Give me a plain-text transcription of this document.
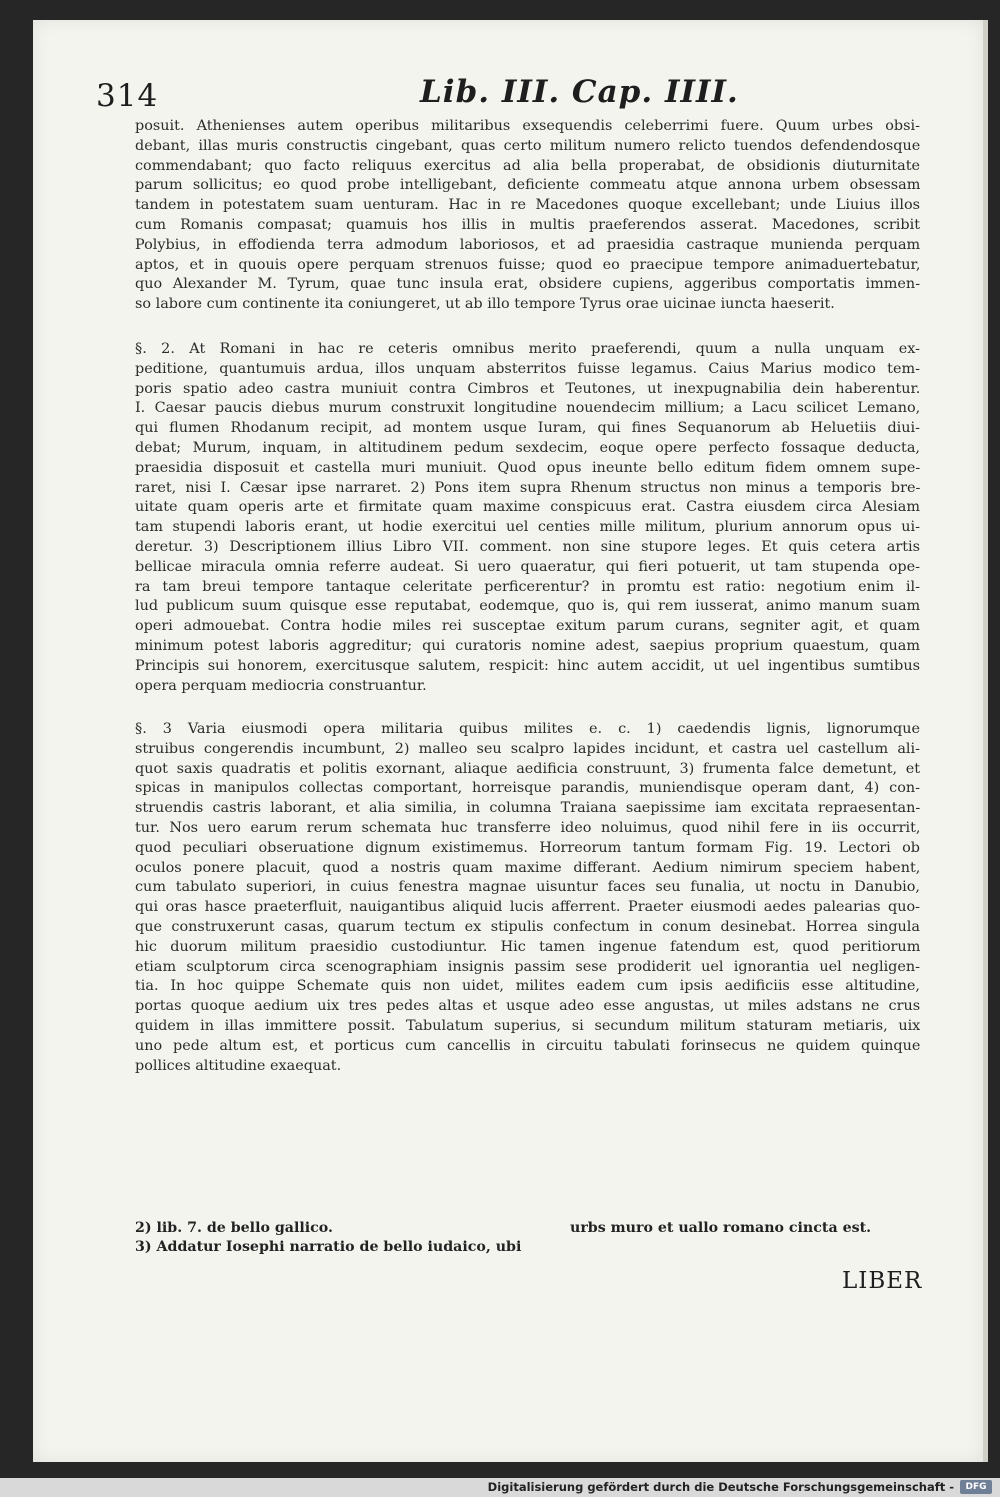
314	Lib. III. Cap. IIII.
posuit. Athenienses autem operibus militaribus exsequendis celeberrimi fuere. Quum urbes obsi-
debant, illas muris constructis cingebant, quas certo militum numero relicto tuendos defendendosque
commendabant; quo facto reliquus exercitus ad alia bella properabat, de obsidionis diuturnitate
parum sollicitus; eo quod probe intelligebant, deficiente commeatu atque annona urbem obsessam
tandem in potestatem suam uenturam. Hac in re Macedones quoque excellebant; unde Liuius illos
cum Romanis compasat; quamuis hos illis in multis praeferendos asserat. Macedones, scribit
Polybius, in effodienda terra admodum laboriosos, et ad praesidia castraque munienda perquam
aptos, et in quouis opere perquam strenuos fuisse; quod eo praecipue tempore animaduertebatur,
quo Alexander M. Tyrum, quae tunc insula erat, obsidere cupiens, aggeribus comportatis immen-
so labore cum continente ita coniungeret, ut ab illo tempore Tyrus orae uicinae iuncta haeserit.
§. 2. At Romani in hac re ceteris omnibus merito praeferendi, quum a nulla unquam ex-
peditione, quantumuis ardua, illos unquam absterritos fuisse legamus. Caius Marius modico tem-
poris spatio adeo castra muniuit contra Cimbros et Teutones, ut inexpugnabilia dein haberentur.
I. Caesar paucis diebus murum construxit longitudine nouendecim millium; a Lacu scilicet Lemano,
qui flumen Rhodanum recipit, ad montem usque Iuram, qui fines Sequanorum ab Heluetiis diui-
debat; Murum, inquam, in altitudinem pedum sexdecim, eoque opere perfecto fossaque deducta,
praesidia disposuit et castella muri muniuit. Quod opus ineunte bello editum fidem omnem supe-
raret, nisi I. Cæsar ipse narraret. 2) Pons item supra Rhenum structus non minus a temporis bre-
uitate quam operis arte et firmitate quam maxime conspicuus erat. Castra eiusdem circa Alesiam
tam stupendi laboris erant, ut hodie exercitui uel centies mille militum, plurium annorum opus ui-
deretur. 3) Descriptionem illius Libro VII. comment. non sine stupore leges. Et quis cetera artis
bellicae miracula omnia referre audeat. Si uero quaeratur, qui fieri potuerit, ut tam stupenda ope-
ra tam breui tempore tantaque celeritate perficerentur? in promtu est ratio: negotium enim il-
lud publicum suum quisque esse reputabat, eodemque, quo is, qui rem iusserat, animo manum suam
operi admouebat. Contra hodie miles rei susceptae exitum parum curans, segniter agit, et quam
minimum potest laboris aggreditur; qui curatoris nomine adest, saepius proprium quaestum, quam
Principis sui honorem, exercitusque salutem, respicit: hinc autem accidit, ut uel ingentibus sumtibus
opera perquam mediocria construantur.
§. 3 Varia eiusmodi opera militaria quibus milites e. c. 1) caedendis lignis, lignorumque
struibus congerendis incumbunt, 2) malleo seu scalpro lapides incidunt, et castra uel castellum ali-
quot saxis quadratis et politis exornant, aliaque aedificia construunt, 3) frumenta falce demetunt, et
spicas in manipulos collectas comportant, horreisque parandis, muniendisque operam dant, 4) con-
struendis castris laborant, et alia similia, in columna Traiana saepissime iam excitata repraesentan-
tur. Nos uero earum rerum schemata huc transferre ideo noluimus, quod nihil fere in iis occurrit,
quod peculiari obseruatione dignum existimemus. Horreorum tantum formam Fig. 19. Lectori ob
oculos ponere placuit, quod a nostris quam maxime differant. Aedium nimirum speciem habent,
cum tabulato superiori, in cuius fenestra magnae uisuntur faces seu funalia, ut noctu in Danubio,
qui oras hasce praeterfluit, nauigantibus aliquid lucis afferrent. Praeter eiusmodi aedes palearias quo-
que construxerunt casas, quarum tectum ex stipulis confectum in conum desinebat. Horrea singula
hic duorum militum praesidio custodiuntur. Hic tamen ingenue fatendum est, quod peritiorum
etiam sculptorum circa scenographiam insignis passim sese prodiderit uel ignorantia uel negligen-
tia. In hoc quippe Schemate quis non uidet, milites eadem cum ipsis aedificiis esse altitudine,
portas quoque aedium uix tres pedes altas et usque adeo esse angustas, ut miles adstans ne crus
quidem in illas immittere possit. Tabulatum superius, si secundum militum staturam metiaris, uix
uno pede altum est, et porticus cum cancellis in circuitu tabulati forinsecus ne quidem quinque
pollices altitudine exaequat.
2) lib. 7. de bello gallico.
3) Addatur Iosephi narratio de bello iudaico, ubi
urbs muro et uallo romano cincta est.
LIBER
Digitalisierung gefördert durch die Deutsche Forschungsgemeinschaft -	DFG
